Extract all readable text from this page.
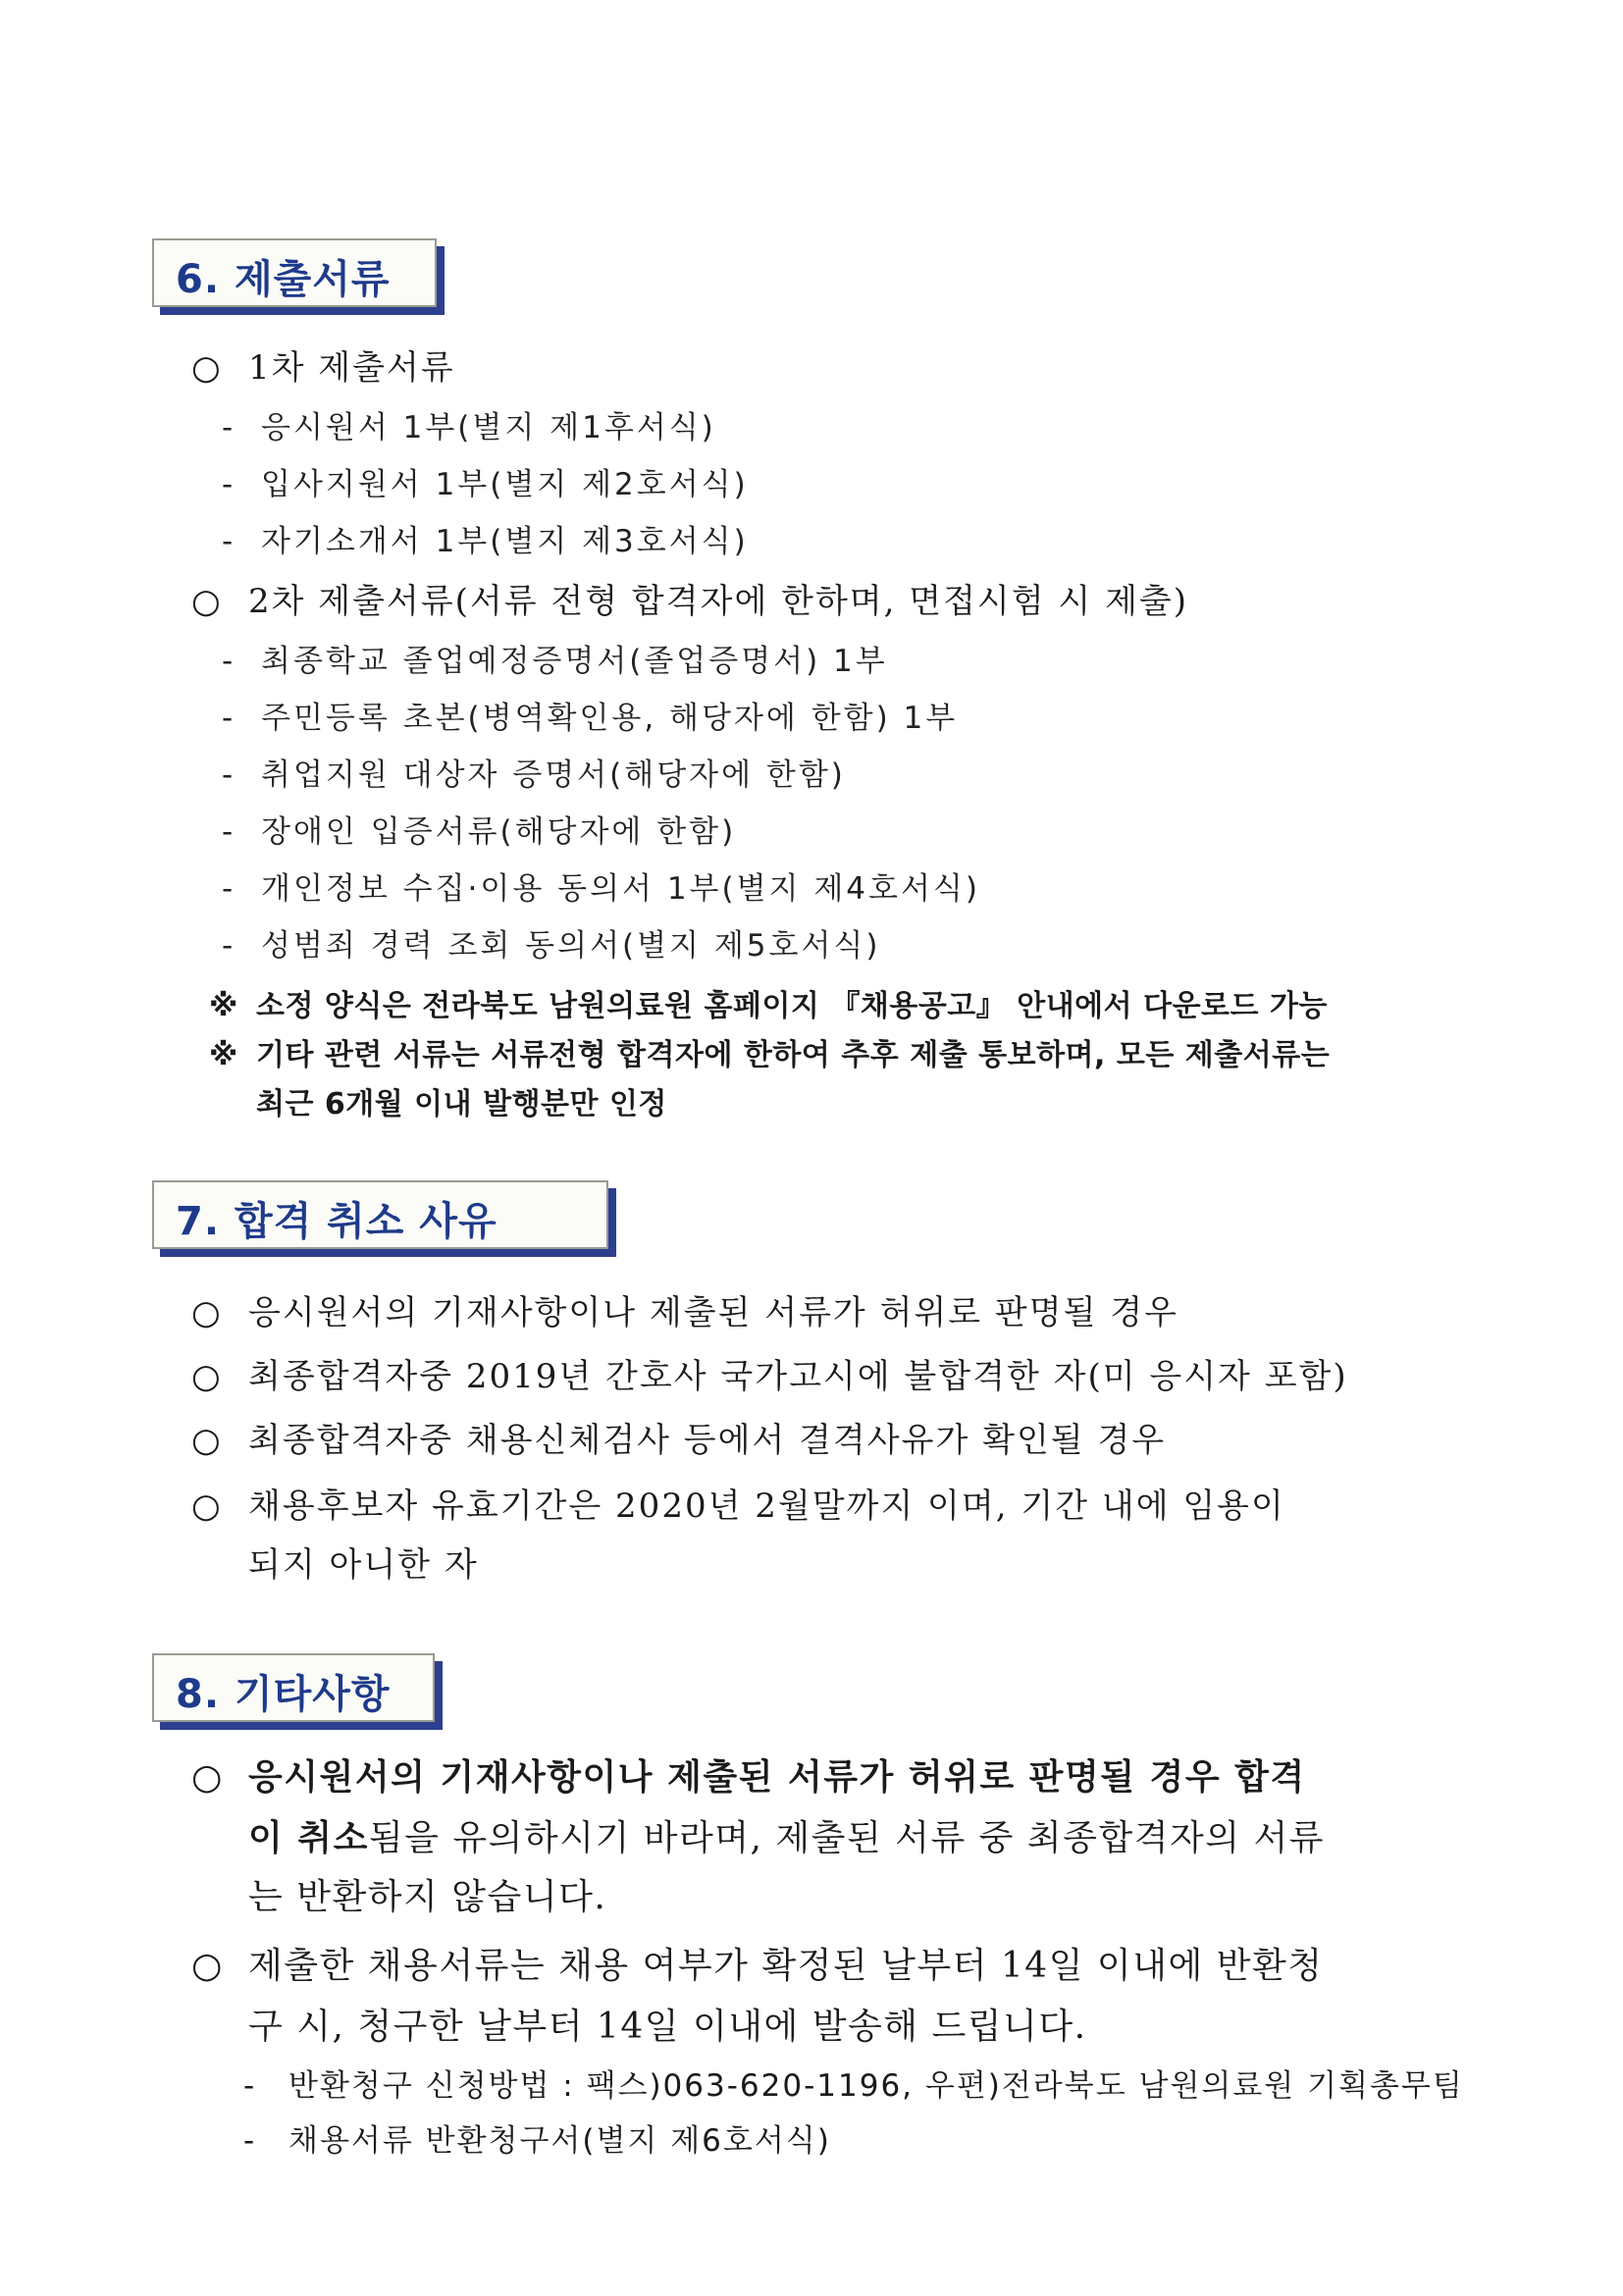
6. 제출서류
○ 1차 제출서류
- 응시원서 1부(별지 제1후서식)
- 입사지원서 1부(별지 제2호서식)
- 자기소개서 1부(별지 제3호서식)
○ 2차 제출서류(서류 전형 합격자에 한하며, 면접시험 시 제출)
- 최종학교 졸업예정증명서(졸업증명서) 1부
- 주민등록 초본(병역확인용, 해당자에 한함) 1부
- 취업지원 대상자 증명서(해당자에 한함)
- 장애인 입증서류(해당자에 한함)
- 개인정보 수집·이용 동의서 1부(별지 제4호서식)
- 성범죄 경력 조회 동의서(별지 제5호서식)
※ 소정 양식은 전라북도 남원의료원 홈페이지 『채용공고』 안내에서 다운로드 가능
※ 기타 관련 서류는 서류전형 합격자에 한하여 추후 제출 통보하며, 모든 제출서류는
최근 6개월 이내 발행분만 인정
7. 합격 취소 사유
○ 응시원서의 기재사항이나 제출된 서류가 허위로 판명될 경우
○ 최종합격자중 2019년 간호사 국가고시에 불합격한 자(미 응시자 포함)
○ 최종합격자중 채용신체검사 등에서 결격사유가 확인될 경우
○ 채용후보자 유효기간은 2020년 2월말까지 이며, 기간 내에 임용이
되지 아니한 자
8. 기타사항
○ 응시원서의 기재사항이나 제출된 서류가 허위로 판명될 경우 합격
이 취소됨을 유의하시기 바라며, 제출된 서류 중 최종합격자의 서류
는 반환하지 않습니다.
○ 제출한 채용서류는 채용 여부가 확정된 날부터 14일 이내에 반환청
구 시, 청구한 날부터 14일 이내에 발송해 드립니다.
- 반환청구 신청방법 : 팩스)063-620-1196, 우편)전라북도 남원의료원 기획총무팀
- 채용서류 반환청구서(별지 제6호서식)
